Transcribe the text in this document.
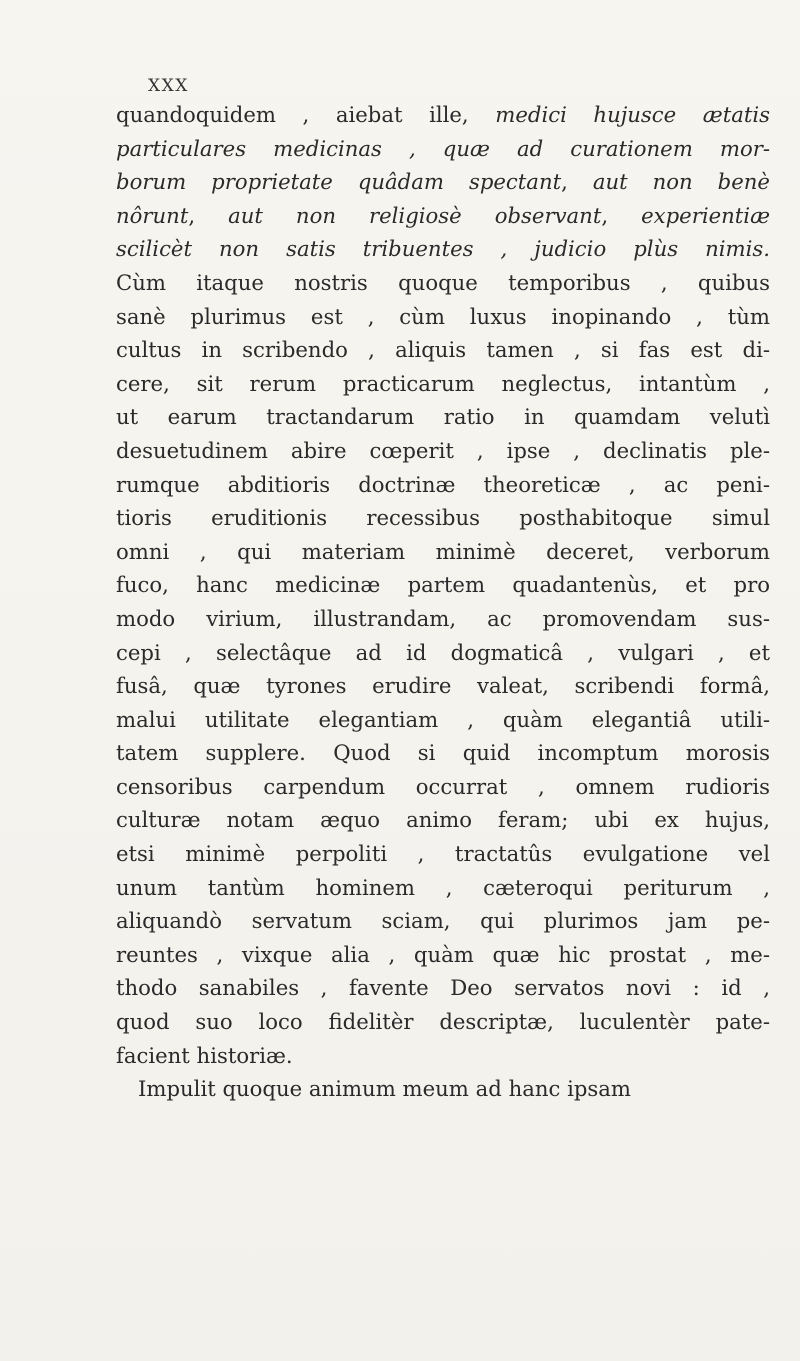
XXX
quandoquidem , aiebat ille, medici hujusce ætatis
particulares medicinas , quæ ad curationem mor-
borum proprietate quâdam spectant, aut non benè
nôrunt, aut non religiosè observant, experientiæ
scilicèt non satis tribuentes , judicio plùs nimis.
Cùm itaque nostris quoque temporibus , quibus
sanè plurimus est , cùm luxus inopinando , tùm
cultus in scribendo , aliquis tamen , si fas est di-
cere, sit rerum practicarum neglectus, intantùm ,
ut earum tractandarum ratio in quamdam velutì
desuetudinem abire cœperit , ipse , declinatis ple-
rumque abditioris doctrinæ theoreticæ , ac peni-
tioris eruditionis recessibus posthabitoque simul
omni , qui materiam minimè deceret, verborum
fuco, hanc medicinæ partem quadantenùs, et pro
modo virium, illustrandam, ac promovendam sus-
cepi , selectâque ad id dogmaticâ , vulgari , et
fusâ, quæ tyrones erudire valeat, scribendi formâ,
malui utilitate elegantiam , quàm elegantiâ utili-
tatem supplere. Quod si quid incomptum morosis
censoribus carpendum occurrat , omnem rudioris
culturæ notam æquo animo feram; ubi ex hujus,
etsi minimè perpoliti , tractatûs evulgatione vel
unum tantùm hominem , cæteroqui periturum ,
aliquandò servatum sciam, qui plurimos jam pe-
reuntes , vixque alia , quàm quæ hic prostat , me-
thodo sanabiles , favente Deo servatos novi : id ,
quod suo loco fidelitèr descriptæ, luculentèr pate-
facient historiæ.
Impulit quoque animum meum ad hanc ipsam
